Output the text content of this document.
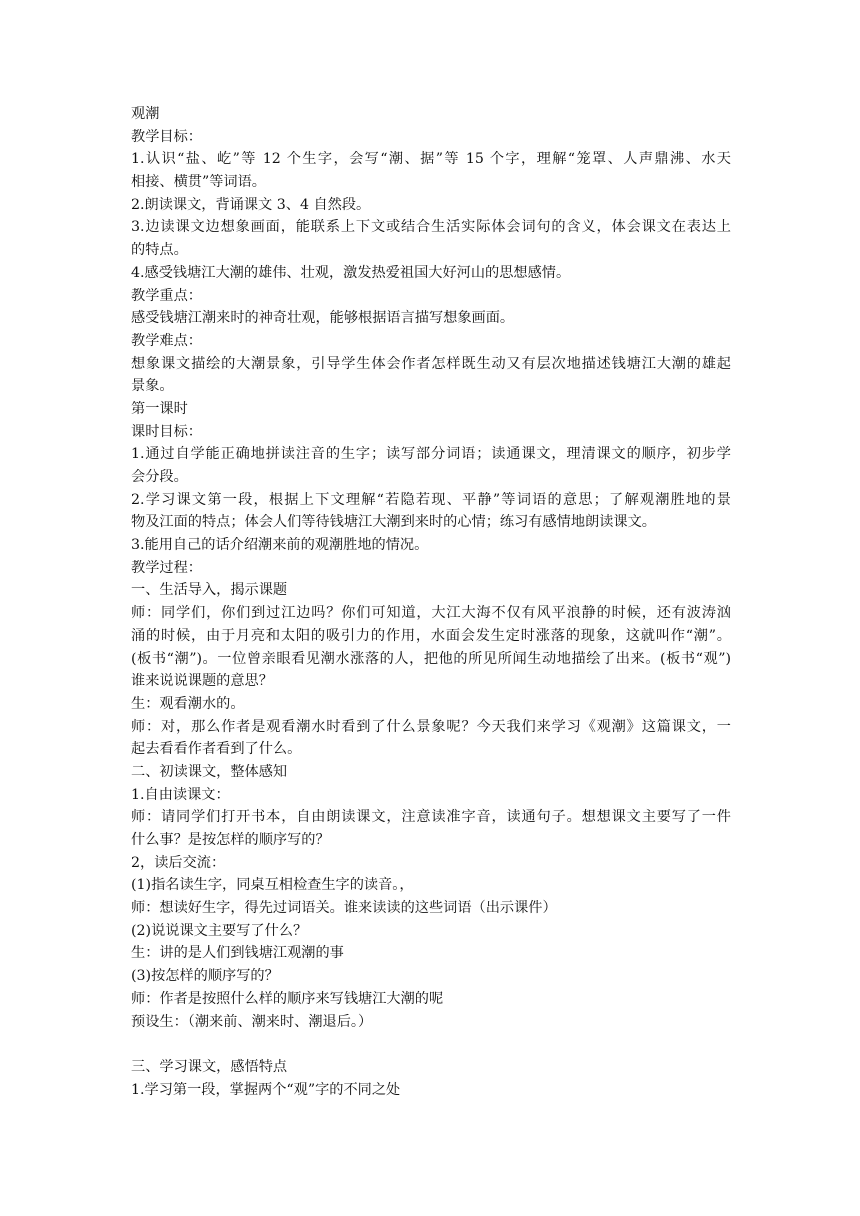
观潮
教学目标：
1.认识“盐、屹”等 12 个生字，会写“潮、据”等 15 个字，理解“笼罩、人声鼎沸、水天
相接、横贯”等词语。
2.朗读课文，背诵课文 3、4 自然段。
3.边读课文边想象画面，能联系上下文或结合生活实际体会词句的含义，体会课文在表达上
的特点。
4.感受钱塘江大潮的雄伟、壮观，激发热爱祖国大好河山的思想感情。
教学重点：
感受钱塘江潮来时的神奇壮观，能够根据语言描写想象画面。
教学难点：
想象课文描绘的大潮景象，引导学生体会作者怎样既生动又有层次地描述钱塘江大潮的雄起
景象。
第一课时
课时目标：
1.通过自学能正确地拼读注音的生字；读写部分词语；读通课文，理清课文的顺序，初步学
会分段。
2.学习课文第一段，根据上下文理解“若隐若现、平静”等词语的意思；了解观潮胜地的景
物及江面的特点；体会人们等待钱塘江大潮到来时的心情；练习有感情地朗读课文。
3.能用自己的话介绍潮来前的观潮胜地的情况。
教学过程：
一、生活导入，揭示课题
师：同学们，你们到过江边吗？你们可知道，大江大海不仅有风平浪静的时候，还有波涛汹
涌的时候，由于月亮和太阳的吸引力的作用，水面会发生定时涨落的现象，这就叫作“潮”。
(板书“潮”)。一位曾亲眼看见潮水涨落的人，把他的所见所闻生动地描绘了出来。(板书“观”)
谁来说说课题的意思？
生：观看潮水的。
师：对，那么作者是观看潮水时看到了什么景象呢？今天我们来学习《观潮》这篇课文，一
起去看看作者看到了什么。
二、初读课文，整体感知
1.自由读课文：
师：请同学们打开书本，自由朗读课文，注意读准字音，读通句子。想想课文主要写了一件
什么事？是按怎样的顺序写的？
2，读后交流：
(1)指名读生字，同桌互相检查生字的读音。，
师：想读好生字，得先过词语关。谁来读读的这些词语（出示课件）
(2)说说课文主要写了什么？
生：讲的是人们到钱塘江观潮的事
(3)按怎样的顺序写的？
师：作者是按照什么样的顺序来写钱塘江大潮的呢
预设生：（潮来前、潮来时、潮退后。）
三、学习课文，感悟特点
1.学习第一段，掌握两个“观”字的不同之处
